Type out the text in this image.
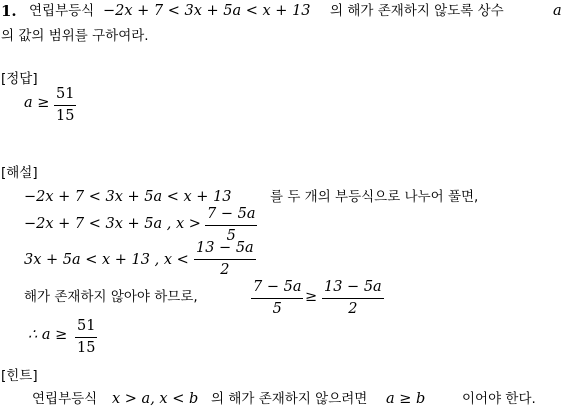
1. 연립부등식 −2x + 7 < 3x + 5a < x + 13 의 해가 존재하지 않도록 상수	a
의 값의 범위를 구하여라.
[정답]
$a \ge \frac{51}{15}$
[해설]
−2x + 7 < 3x + 5a < x + 13	를 두 개의 부등식으로 나누어 풀면,
−2x + 7 < 3x + 5a , $x > \frac{7 - 5a}{5}$
3x + 5a < x + 13 , $x < \frac{13 - 5a}{2}$
해가 존재하지 않아야 하므로,	$\frac{7 - 5a}{5} \ge \frac{13 - 5a}{2}$
∴ $a \ge \frac{51}{15}$
[힌트]
연립부등식 x > a, x < b 의 해가 존재하지 않으려면 a ≥ b	이어야 한다.
